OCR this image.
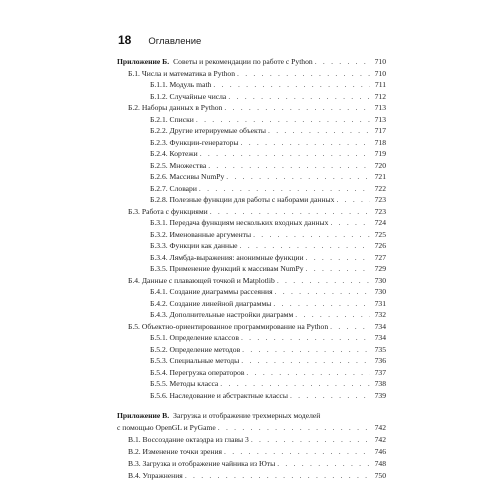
18 Оглавление
Приложение Б. Советы и рекомендации по работе с Python . . .	710
Б.1. Числа и математика в Python . . .	710
Б.1.1. Модуль math . . .	711
Б.1.2. Случайные числа . . .	712
Б.2. Наборы данных в Python . . .	713
Б.2.1. Списки . . .	713
Б.2.2. Другие итерируемые объекты . . .	717
Б.2.3. Функции-генераторы . . .	718
Б.2.4. Кортежи . . .	719
Б.2.5. Множества . . .	720
Б.2.6. Массивы NumPy . . .	721
Б.2.7. Словари . . .	722
Б.2.8. Полезные функции для работы с наборами данных . . .	723
Б.3. Работа с функциями . . .	723
Б.3.1. Передача функциям нескольких входных данных . . .	724
Б.3.2. Именованные аргументы . . .	725
Б.3.3. Функции как данные . . .	726
Б.3.4. Лямбда-выражения: анонимные функции . . .	727
Б.3.5. Применение функций к массивам NumPy . . .	729
Б.4. Данные с плавающей точкой и Matplotlib . . .	730
Б.4.1. Создание диаграммы рассеяния . . .	730
Б.4.2. Создание линейной диаграммы . . .	731
Б.4.3. Дополнительные настройки диаграмм . . .	732
Б.5. Объектно-ориентированное программирование на Python . . .	734
Б.5.1. Определение классов . . .	734
Б.5.2. Определение методов . . .	735
Б.5.3. Специальные методы . . .	736
Б.5.4. Перегрузка операторов . . .	737
Б.5.5. Методы класса . . .	738
Б.5.6. Наследование и абстрактные классы . . .	739
Приложение В. Загрузка и отображение трехмерных моделей
с помощью OpenGL и PyGame . . .	742
В.1. Воссоздание октаэдра из главы 3 . . .	742
В.2. Изменение точки зрения . . .	746
В.3. Загрузка и отображение чайника из Юты . . .	748
В.4. Упражнения . . .	750
